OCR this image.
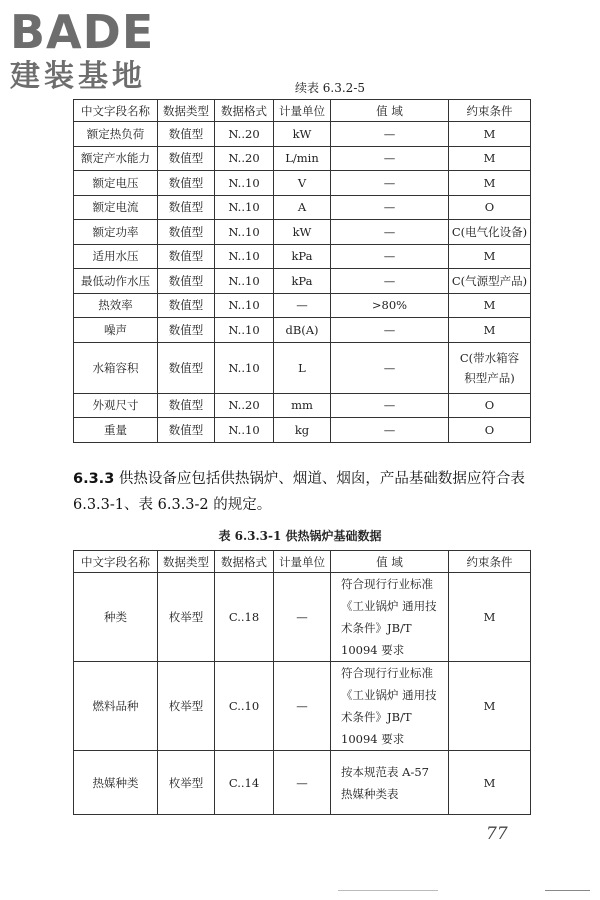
BADE
建装基地	续表 6.3.2-5
中文字段名称	数据类型	数据格式	计量单位	值 域	约束条件
额定热负荷	数值型	N..20	kW	—	M
额定产水能力	数值型	N..20	L/min	—	M
额定电压	数值型	N..10	V	—	M
额定电流	数值型	N..10	A	—	O
额定功率	数值型	N..10	kW	—	C(电气化设备)
适用水压	数值型	N..10	kPa	—	M
最低动作水压	数值型	N..10	kPa	—	C(气源型产品)
热效率	数值型	N..10	—	>80%	M
噪声	数值型	N..10	dB(A)	—	M
水箱容积	数值型	N..10	L	—	C(带水箱容积型产品)
外观尺寸	数值型	N..20	mm	—	O
重量	数值型	N..10	kg	—	O
6.3.3 供热设备应包括供热锅炉、烟道、烟囱，产品基础数据应符合表 6.3.3-1、表 6.3.3-2 的规定。
表 6.3.3-1 供热锅炉基础数据
中文字段名称	数据类型	数据格式	计量单位	值 域	约束条件
种类	枚举型	C..18	—	符合现行行业标准《工业锅炉 通用技术条件》JB/T 10094 要求	M
燃料品种	枚举型	C..10	—	符合现行行业标准《工业锅炉 通用技术条件》JB/T 10094 要求	M
热媒种类	枚举型	C..14	—	按本规范表 A-57 热媒种类表	M
77
